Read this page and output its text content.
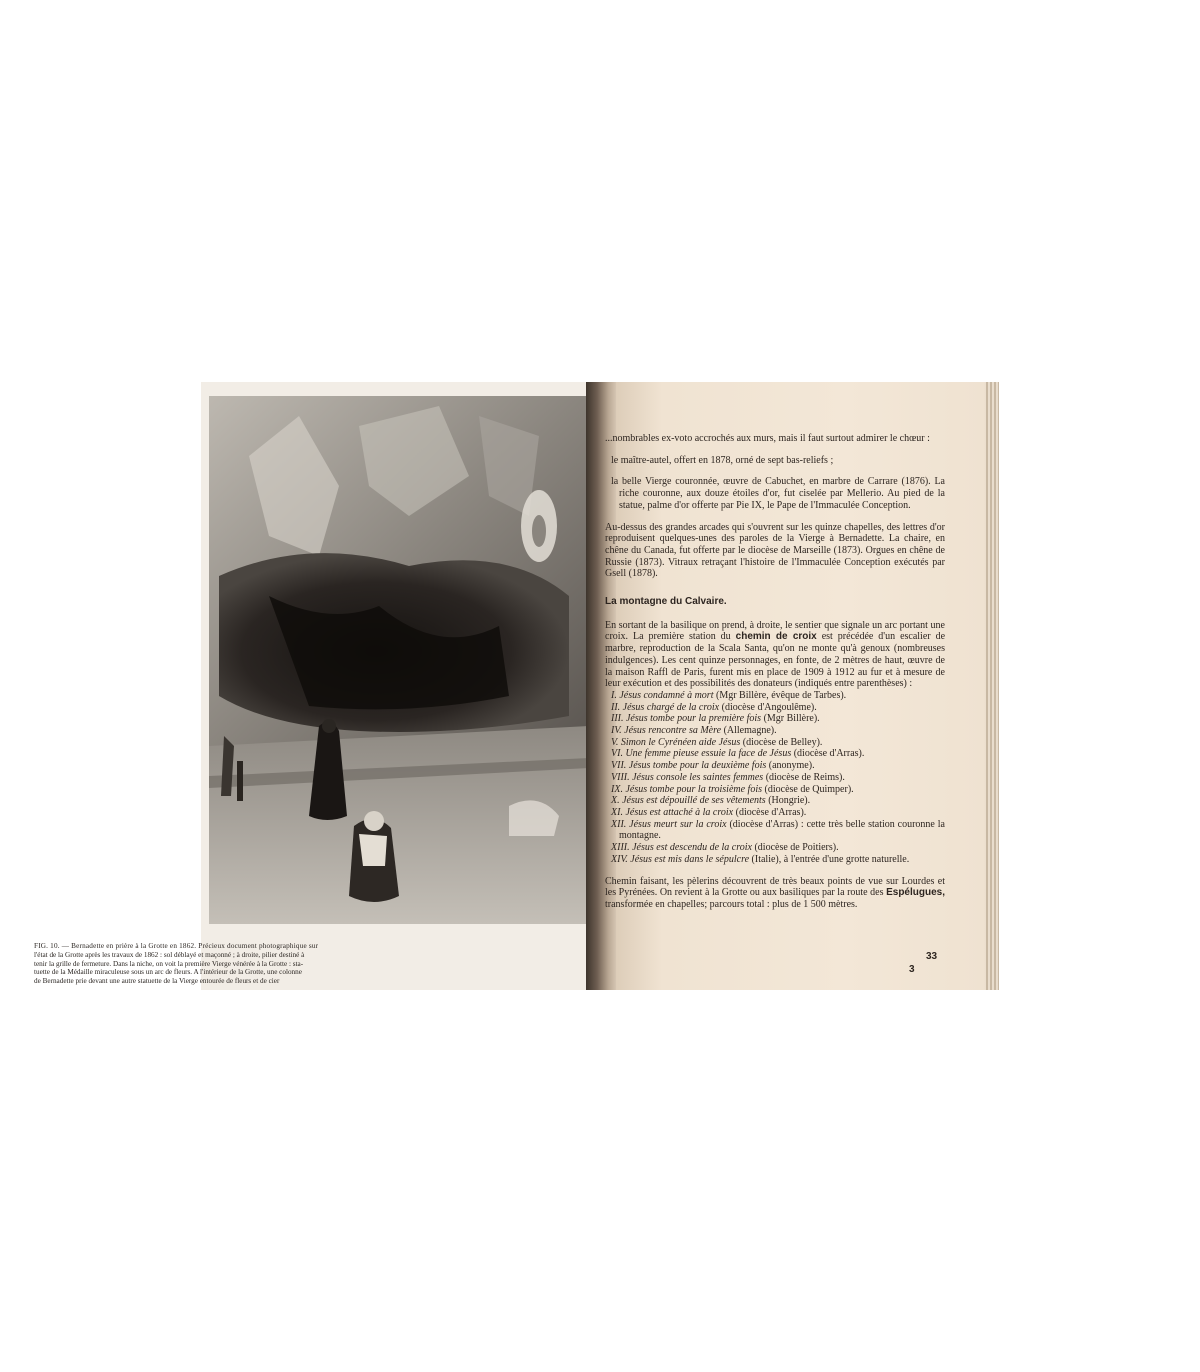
FIG. 10. — Bernadette en prière à la Grotte en 1862. Précieux document photographique sur
l'état de la Grotte après les travaux de 1862 : sol déblayé et maçonné ; à droite, pilier destiné à
tenir la grille de fermeture. Dans la niche, on voit la première Vierge vénérée à la Grotte : sta-
tuette de la Médaille miraculeuse sous un arc de fleurs. A l'intérieur de la Grotte, une colonne
de Bernadette prie devant une autre statuette de la Vierge entourée de fleurs et de cier

...nombrables ex-voto accrochés aux murs, mais il faut surtout admirer le chœur :

le maître-autel, offert en 1878, orné de sept bas-reliefs ;

la belle Vierge couronnée, œuvre de Cabuchet, en marbre de Carrare (1876). La riche couronne, aux douze étoiles d'or, fut ciselée par Mellerio. Au pied de la statue, palme d'or offerte par Pie IX, le Pape de l'Immaculée Conception.

Au-dessus des grandes arcades qui s'ouvrent sur les quinze chapelles, des lettres d'or reproduisent quelques-unes des paroles de la Vierge à Bernadette. La chaire, en chêne du Canada, fut offerte par le diocèse de Marseille (1873). Orgues en chêne de Russie (1873). Vitraux retraçant l'histoire de l'Immaculée Conception exécutés par Gsell (1878).

La montagne du Calvaire.

En sortant de la basilique on prend, à droite, le sentier que signale un arc portant une croix. La première station du chemin de croix est précédée d'un escalier de marbre, reproduction de la Scala Santa, qu'on ne monte qu'à genoux (nombreuses indulgences). Les cent quinze personnages, en fonte, de 2 mètres de haut, œuvre de la maison Raffl de Paris, furent mis en place de 1909 à 1912 au fur et à mesure de leur exécution et des possibilités des donateurs (indiqués entre parenthèses) :

I. Jésus condamné à mort (Mgr Billère, évêque de Tarbes).

II. Jésus chargé de la croix (diocèse d'Angoulême).

III. Jésus tombe pour la première fois (Mgr Billère).

IV. Jésus rencontre sa Mère (Allemagne).

V. Simon le Cyrénéen aide Jésus (diocèse de Belley).

VI. Une femme pieuse essuie la face de Jésus (diocèse d'Arras).

VII. Jésus tombe pour la deuxième fois (anonyme).

VIII. Jésus console les saintes femmes (diocèse de Reims).

IX. Jésus tombe pour la troisième fois (diocèse de Quimper).

X. Jésus est dépouillé de ses vêtements (Hongrie).

XI. Jésus est attaché à la croix (diocèse d'Arras).

XII. Jésus meurt sur la croix (diocèse d'Arras) : cette très belle station couronne la montagne.

XIII. Jésus est descendu de la croix (diocèse de Poitiers).

XIV. Jésus est mis dans le sépulcre (Italie), à l'entrée d'une grotte naturelle.

Chemin faisant, les pèlerins découvrent de très beaux points de vue sur Lourdes et les Pyrénées. On revient à la Grotte ou aux basiliques par la route des Espélugues, transformée en chapelles; parcours total : plus de 1 500 mètres.

33
3
